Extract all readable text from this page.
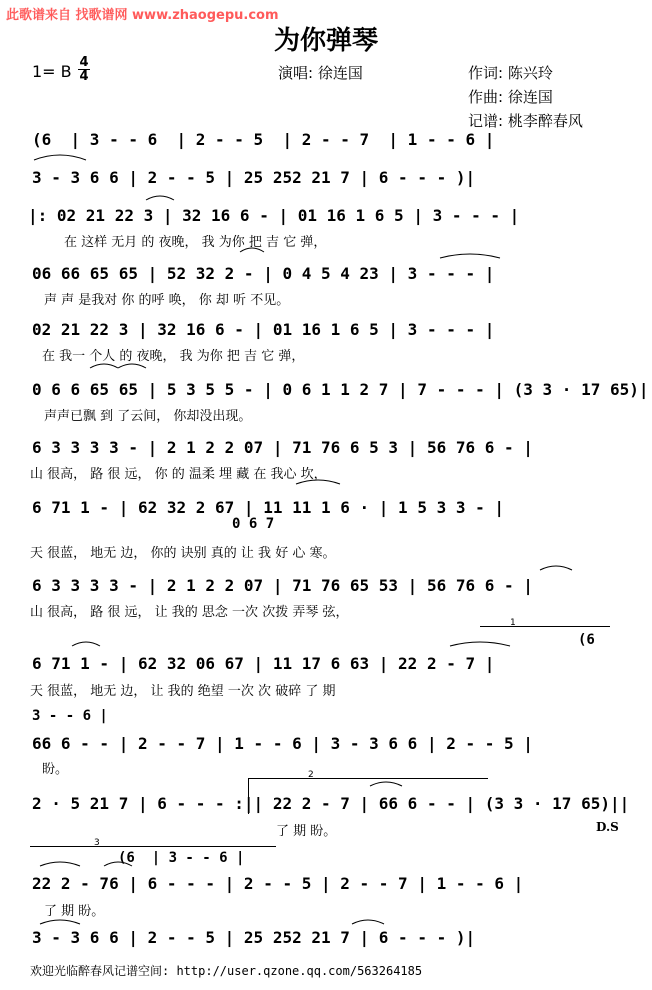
此歌谱来自 找歌谱网 www.zhaogepu.com
为你弹琴
1= B 4
4	演唱: 徐连国	作词: 陈兴玲
作曲: 徐连国
记谱: 桃李醉春风
(6  | 3 - - 6  | 2 - - 5  | 2 - - 7  | 1 - - 6 |
3 - 3 6 6 | 2 - - 5 | 25 252 21 7 | 6 - - - )|
|: 02 21 22 3 | 32 16 6 - | 01 16 1 6 5 | 3 - - - |
在 这样 无月 的 夜晚， 我 为你 把 吉 它 弹，
06 66 65 65 | 52 32 2 - | 0 4 5 4 23 | 3 - - - |
声 声 是我对 你 的呼 唤， 你 却 听 不见。
02 21 22 3 | 32 16 6 - | 01 16 1 6 5 | 3 - - - |
在 我一 个人 的 夜晚， 我 为你 把 吉 它 弹，
0 6 6 65 65 | 5 3 5 5 - | 0 6 1 1 2 7 | 7 - - - | (3 3 · 17 65)|
声声已飘 到 了云间， 你却没出现。
6 3 3 3 3 - | 2 1 2 2 07 | 71 76 6 5 3 | 56 76 6 - |
山 很高， 路 很 远， 你 的 温柔 埋 藏 在 我心 坎，
6 71 1 - | 62 32 2 67 | 11 11 1 6 · | 1 5 3 3 - |
0 6 7
天 很蓝， 地无 边， 你的 诀别 真的 让 我 好 心 寒。
6 3 3 3 3 - | 2 1 2 2 07 | 71 76 65 53 | 56 76 6 - |
山 很高， 路 很 远， 让 我的 思念 一次 次拨 弄琴 弦，
1
(6
6 71 1 - | 62 32 06 67 | 11 17 6 63 | 22 2 - 7 |
天 很蓝， 地无 边， 让 我的 绝望 一次 次 破碎 了 期
3 - - 6 |
66 6 - - | 2 - - 7 | 1 - - 6 | 3 - 3 6 6 | 2 - - 5 |
盼。	2
2 · 5 21 7 | 6 - - - :|| 22 2 - 7 | 66 6 - - | (3 3 · 17 65)||
了 期 盼。	D.S
3
(6  | 3 - - 6 |
22 2 - 76 | 6 - - - | 2 - - 5 | 2 - - 7 | 1 - - 6 |
了 期 盼。
3 - 3 6 6 | 2 - - 5 | 25 252 21 7 | 6 - - - )|
欢迎光临醉春风记谱空间: http://user.qzone.qq.com/563264185
